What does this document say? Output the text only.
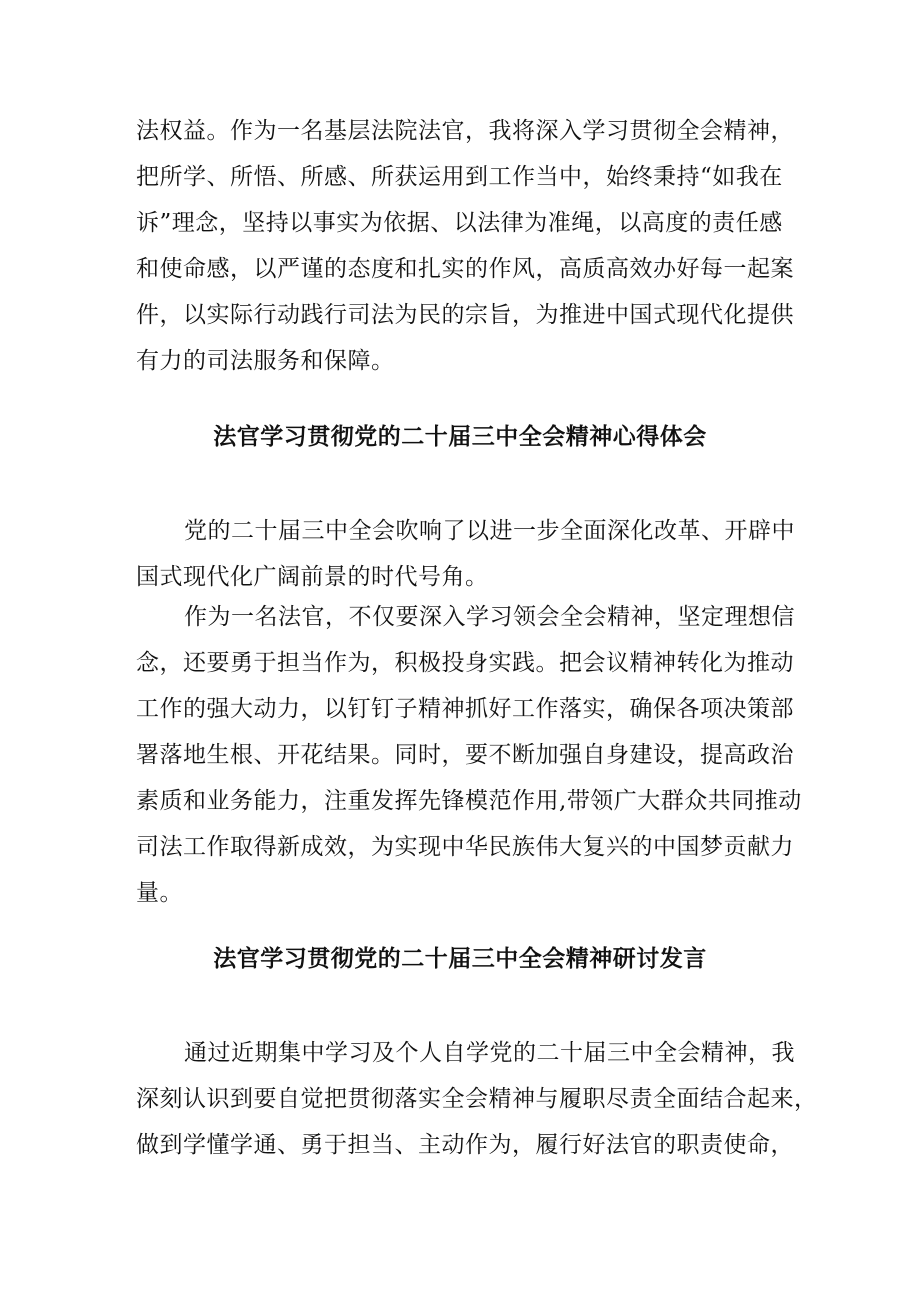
法权益。作为一名基层法院法官，我将深入学习贯彻全会精神，
把所学、所悟、所感、所获运用到工作当中，始终秉持“如我在
诉”理念，坚持以事实为依据、以法律为准绳，以高度的责任感
和使命感，以严谨的态度和扎实的作风，高质高效办好每一起案
件，以实际行动践行司法为民的宗旨，为推进中国式现代化提供
有力的司法服务和保障。
法官学习贯彻党的二十届三中全会精神心得体会
党的二十届三中全会吹响了以进一步全面深化改革、开辟中
国式现代化广阔前景的时代号角。
作为一名法官，不仅要深入学习领会全会精神，坚定理想信
念，还要勇于担当作为，积极投身实践。把会议精神转化为推动
工作的强大动力，以钉钉子精神抓好工作落实，确保各项决策部
署落地生根、开花结果。同时，要不断加强自身建设，提高政治
素质和业务能力，注重发挥先锋模范作用,带领广大群众共同推动
司法工作取得新成效，为实现中华民族伟大复兴的中国梦贡献力
量。
法官学习贯彻党的二十届三中全会精神研讨发言
通过近期集中学习及个人自学党的二十届三中全会精神，我
深刻认识到要自觉把贯彻落实全会精神与履职尽责全面结合起来，
做到学懂学通、勇于担当、主动作为，履行好法官的职责使命，
